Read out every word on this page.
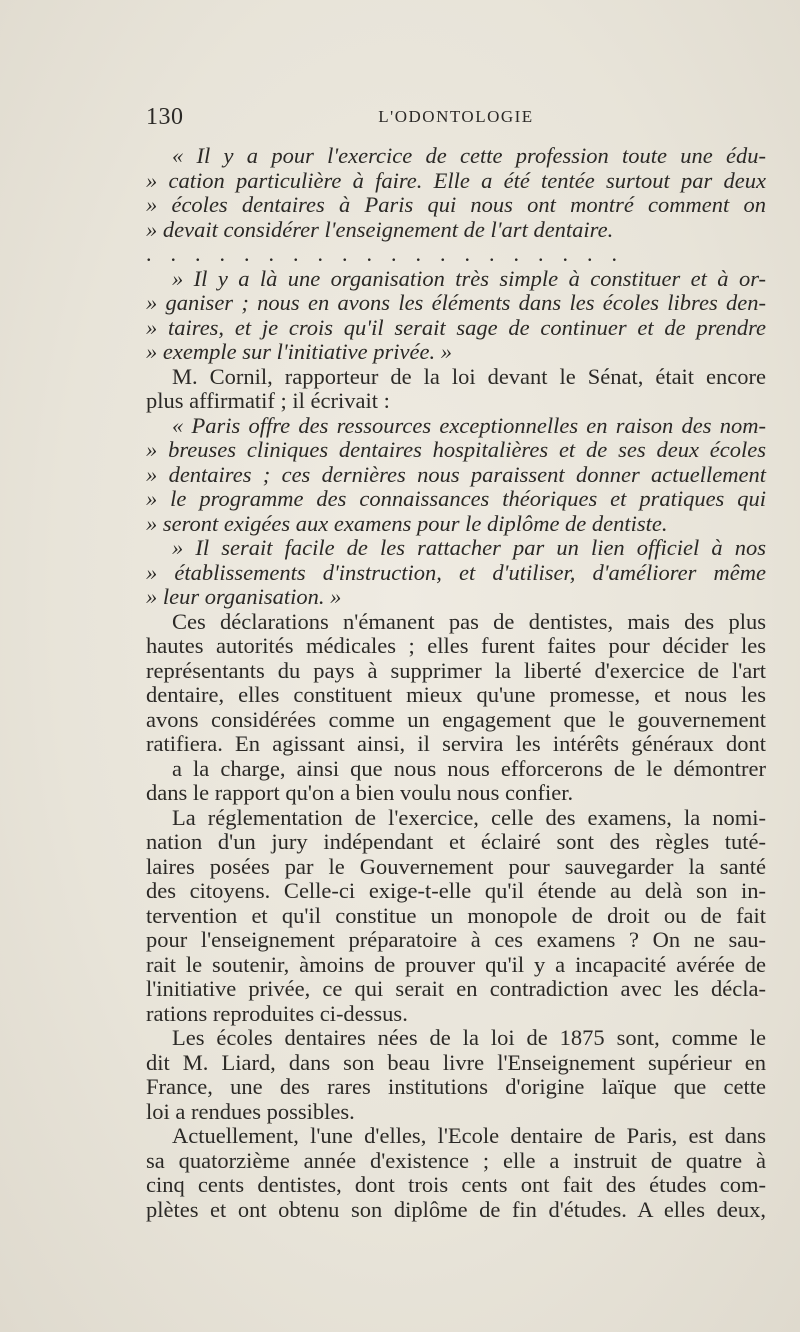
130	L'ODONTOLOGIE
« Il y a pour l'exercice de cette profession toute une édu-
» cation particulière à faire. Elle a été tentée surtout par deux
» écoles dentaires à Paris qui nous ont montré comment on
» devait considérer l'enseignement de l'art dentaire.
....................
» Il y a là une organisation très simple à constituer et à or-
» ganiser ; nous en avons les éléments dans les écoles libres den-
» taires, et je crois qu'il serait sage de continuer et de prendre
» exemple sur l'initiative privée. »
M. Cornil, rapporteur de la loi devant le Sénat, était encore
plus affirmatif ; il écrivait :
« Paris offre des ressources exceptionnelles en raison des nom-
» breuses cliniques dentaires hospitalières et de ses deux écoles
» dentaires ; ces dernières nous paraissent donner actuellement
» le programme des connaissances théoriques et pratiques qui
» seront exigées aux examens pour le diplôme de dentiste.
» Il serait facile de les rattacher par un lien officiel à nos
» établissements d'instruction, et d'utiliser, d'améliorer même
» leur organisation. »
Ces déclarations n'émanent pas de dentistes, mais des plus
hautes autorités médicales ; elles furent faites pour décider les
représentants du pays à supprimer la liberté d'exercice de l'art
dentaire, elles constituent mieux qu'une promesse, et nous les
avons considérées comme un engagement que le gouvernement
ratifiera. En agissant ainsi, il servira les intérêts généraux dont
a la charge, ainsi que nous nous efforcerons de le démontrer
dans le rapport qu'on a bien voulu nous confier.
La réglementation de l'exercice, celle des examens, la nomi-
nation d'un jury indépendant et éclairé sont des règles tuté-
laires posées par le Gouvernement pour sauvegarder la santé
des citoyens. Celle-ci exige-t-elle qu'il étende au delà son in-
tervention et qu'il constitue un monopole de droit ou de fait
pour l'enseignement préparatoire à ces examens ? On ne sau-
rait le soutenir, àmoins de prouver qu'il y a incapacité avérée de
l'initiative privée, ce qui serait en contradiction avec les décla-
rations reproduites ci-dessus.
Les écoles dentaires nées de la loi de 1875 sont, comme le
dit M. Liard, dans son beau livre l'Enseignement supérieur en
France, une des rares institutions d'origine laïque que cette
loi a rendues possibles.
Actuellement, l'une d'elles, l'Ecole dentaire de Paris, est dans
sa quatorzième année d'existence ; elle a instruit de quatre à
cinq cents dentistes, dont trois cents ont fait des études com-
plètes et ont obtenu son diplôme de fin d'études. A elles deux,
